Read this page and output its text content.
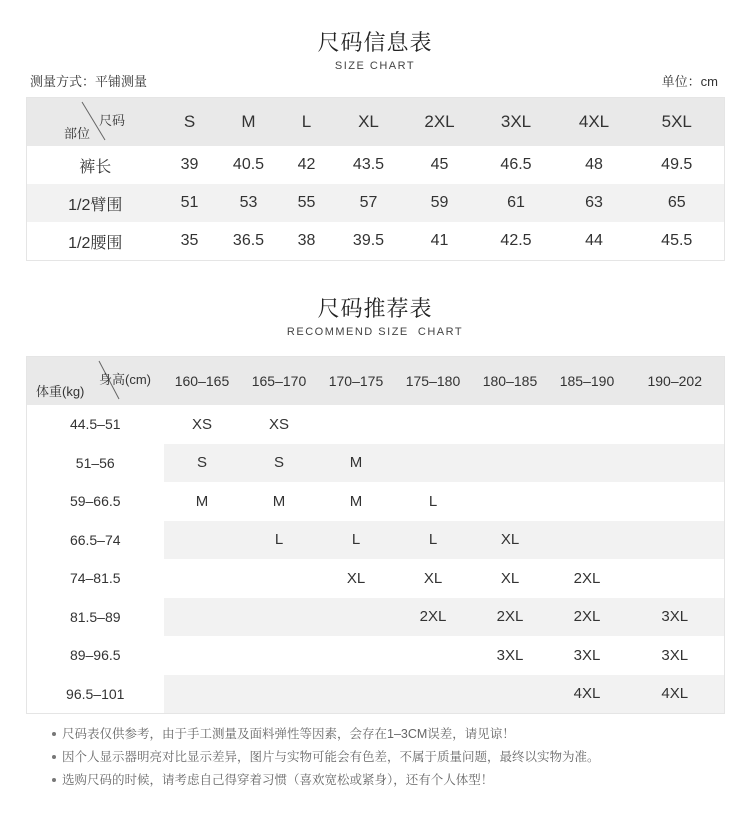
尺码信息表
SIZE CHART
测量方式：平铺测量	单位：cm
尺码
部位	S	M	L	XL	2XL	3XL	4XL	5XL
裤长	39	40.5	42	43.5	45	46.5	48	49.5
1/2臂围	51	53	55	57	59	61	63	65
1/2腰围	35	36.5	38	39.5	41	42.5	44	45.5
尺码推荐表
RECOMMEND SIZE  CHART
身高(cm)
体重(kg)	160–165	165–170	170–175	175–180	180–185	185–190	190–202
44.5–51	XS	XS					
51–56	S	S	M				
59–66.5	M	M	M	L			
66.5–74		L	L	L	XL		
74–81.5			XL	XL	XL	2XL	
81.5–89				2XL	2XL	2XL	3XL
89–96.5					3XL	3XL	3XL
96.5–101						4XL	4XL
尺码表仅供参考，由于手工测量及面料弹性等因素，会存在1–3CM误差，请见谅！
因个人显示器明亮对比显示差异，图片与实物可能会有色差，不属于质量问题，最终以实物为准。
选购尺码的时候，请考虑自己得穿着习惯（喜欢宽松或紧身），还有个人体型！
